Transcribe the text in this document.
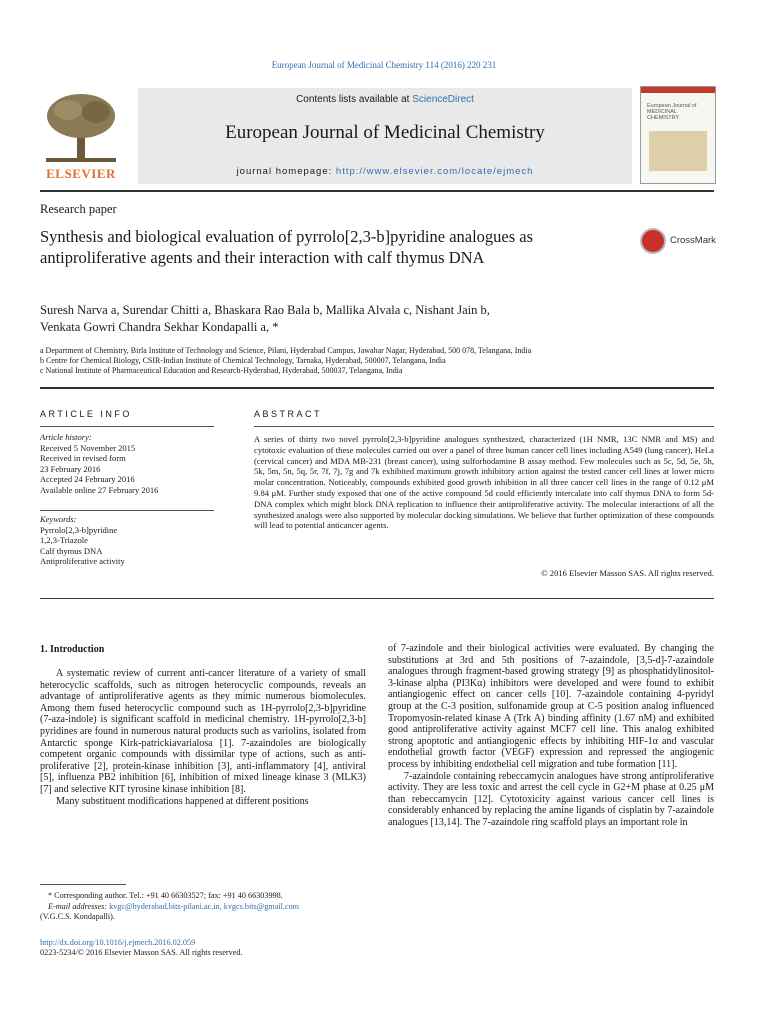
European Journal of Medicinal Chemistry 114 (2016) 220 231
ELSEVIER
Contents lists available at ScienceDirect
European Journal of Medicinal Chemistry
journal homepage: http://www.elsevier.com/locate/ejmech
European Journal of MEDICINAL CHEMISTRY
Research paper
Synthesis and biological evaluation of pyrrolo[2,3-b]pyridine analogues as antiproliferative agents and their interaction with calf thymus DNA
CrossMark
Suresh Narva a, Surendar Chitti a, Bhaskara Rao Bala b, Mallika Alvala c, Nishant Jain b,
Venkata Gowri Chandra Sekhar Kondapalli a, *
a Department of Chemistry, Birla Institute of Technology and Science, Pilani, Hyderabad Campus, Jawahar Nagar, Hyderabad, 500 078, Telangana, India
b Centre for Chemical Biology, CSIR-Indian Institute of Chemical Technology, Tarnaka, Hyderabad, 500007, Telangana, India
c National Institute of Pharmaceutical Education and Research-Hyderabad, Hyderabad, 500037, Telangana, India
ARTICLE INFO
Article history:
Received 5 November 2015
Received in revised form
23 February 2016
Accepted 24 February 2016
Available online 27 February 2016
Keywords:
Pyrrolo[2,3-b]pyridine
1,2,3-Triazole
Calf thymus DNA
Antiproliferative activity
ABSTRACT
A series of thirty two novel pyrrolo[2,3-b]pyridine analogues synthesized, characterized (1H NMR, 13C NMR and MS) and cytotoxic evaluation of these molecules carried out over a panel of three human cancer cell lines including A549 (lung cancer), HeLa (cervical cancer) and MDA MB-231 (breast cancer), using sulforhodamine B assay method. Few molecules such as 5c, 5d, 5e, 5h, 5k, 5m, 5n, 5q, 5r, 7f, 7j, 7g and 7k exhibited maximum growth inhibitory action against the tested cancer cell lines at lower micro molar concentration. Noticeably, compounds exhibited good growth inhibition in all three cancer cell lines in the range of 0.12 μM 9.84 μM. Further study exposed that one of the active compound 5d could efficiently intercalate into calf thymus DNA to form 5d-DNA complex which might block DNA replication to influence their antiproliferative activity. The molecular interactions of all the synthesized analogs were also supported by molecular docking simulations. We believe that further optimization of these compounds will lead to potential anticancer agents.
© 2016 Elsevier Masson SAS. All rights reserved.
1. Introduction

A systematic review of current anti-cancer literature of a variety of small heterocyclic scaffolds, such as nitrogen heterocyclic compounds, reveals an advantage of antiproliferative agents as they mimic numerous biomolecules. Among them fused heterocyclic compound such as 1H-pyrrolo[2,3-b]pyridine (7-aza-indole) is significant scaffold in medicinal chemistry. 1H-pyrrolo[2,3-b] pyridines are found in numerous natural products such as variolins, isolated from Antarctic sponge Kirk-patrickiavarialosa [1]. 7-azaindoles are biologically competent organic compounds with dissimilar type of actions, such as anti-proliferative [2], protein-kinase inhibition [3], anti-inflammatory [4], antiviral [5], influenza PB2 inhibition [6], inhibition of mixed lineage kinase 3 (MLK3) [7] and selective KIT tyrosine kinase inhibition [8].

Many substituent modifications happened at different positions

of 7-azindole and their biological activities were evaluated. By changing the substitutions at 3rd and 5th positions of 7-azaindole, [3,5-d]-7-azaindole analogues through fragment-based growing strategy [9] as phosphatidylinositol-3-kinase alpha (PI3Kα) inhibitors were developed and were found to exhibit antiangiogenic effect on cancer cells [10]. 7-azaindole containing 4-pyridyl group at the C-3 position, sulfonamide group at C-5 position analog influenced Tropomyosin-related kinase A (Trk A) binding affinity (1.67 nM) and exhibited good antiproliferative activity against MCF7 cell line. This analog exhibited strong apoptotic and antiangiogenic effects by inhibiting HIF-1α and vascular endothelial growth factor (VEGF) expression and repressed the angiogenic process by inhibiting endothelial cell migration and tube formation [11].

7-azaindole containing rebeccamycin analogues have strong antiproliferative activity. They are less toxic and arrest the cell cycle in G2+M phase at 0.25 μM than rebeccamycin [12]. Cytotoxicity against various cancer cell lines is considerably enhanced by replacing the amine ligands of cisplatin by 7-azaindole analogues [13,14]. The 7-azaindole ring scaffold plays an important role in

* Corresponding author. Tel.: +91 40 66303527; fax: +91 40 66303998.
E-mail addresses: kvgc@hyderabad.bits-pilani.ac.in, kvgcs.bits@gmail.com
(V.G.C.S. Kondapalli).
http://dx.doi.org/10.1016/j.ejmech.2016.02.059
0223-5234/© 2016 Elsevier Masson SAS. All rights reserved.
